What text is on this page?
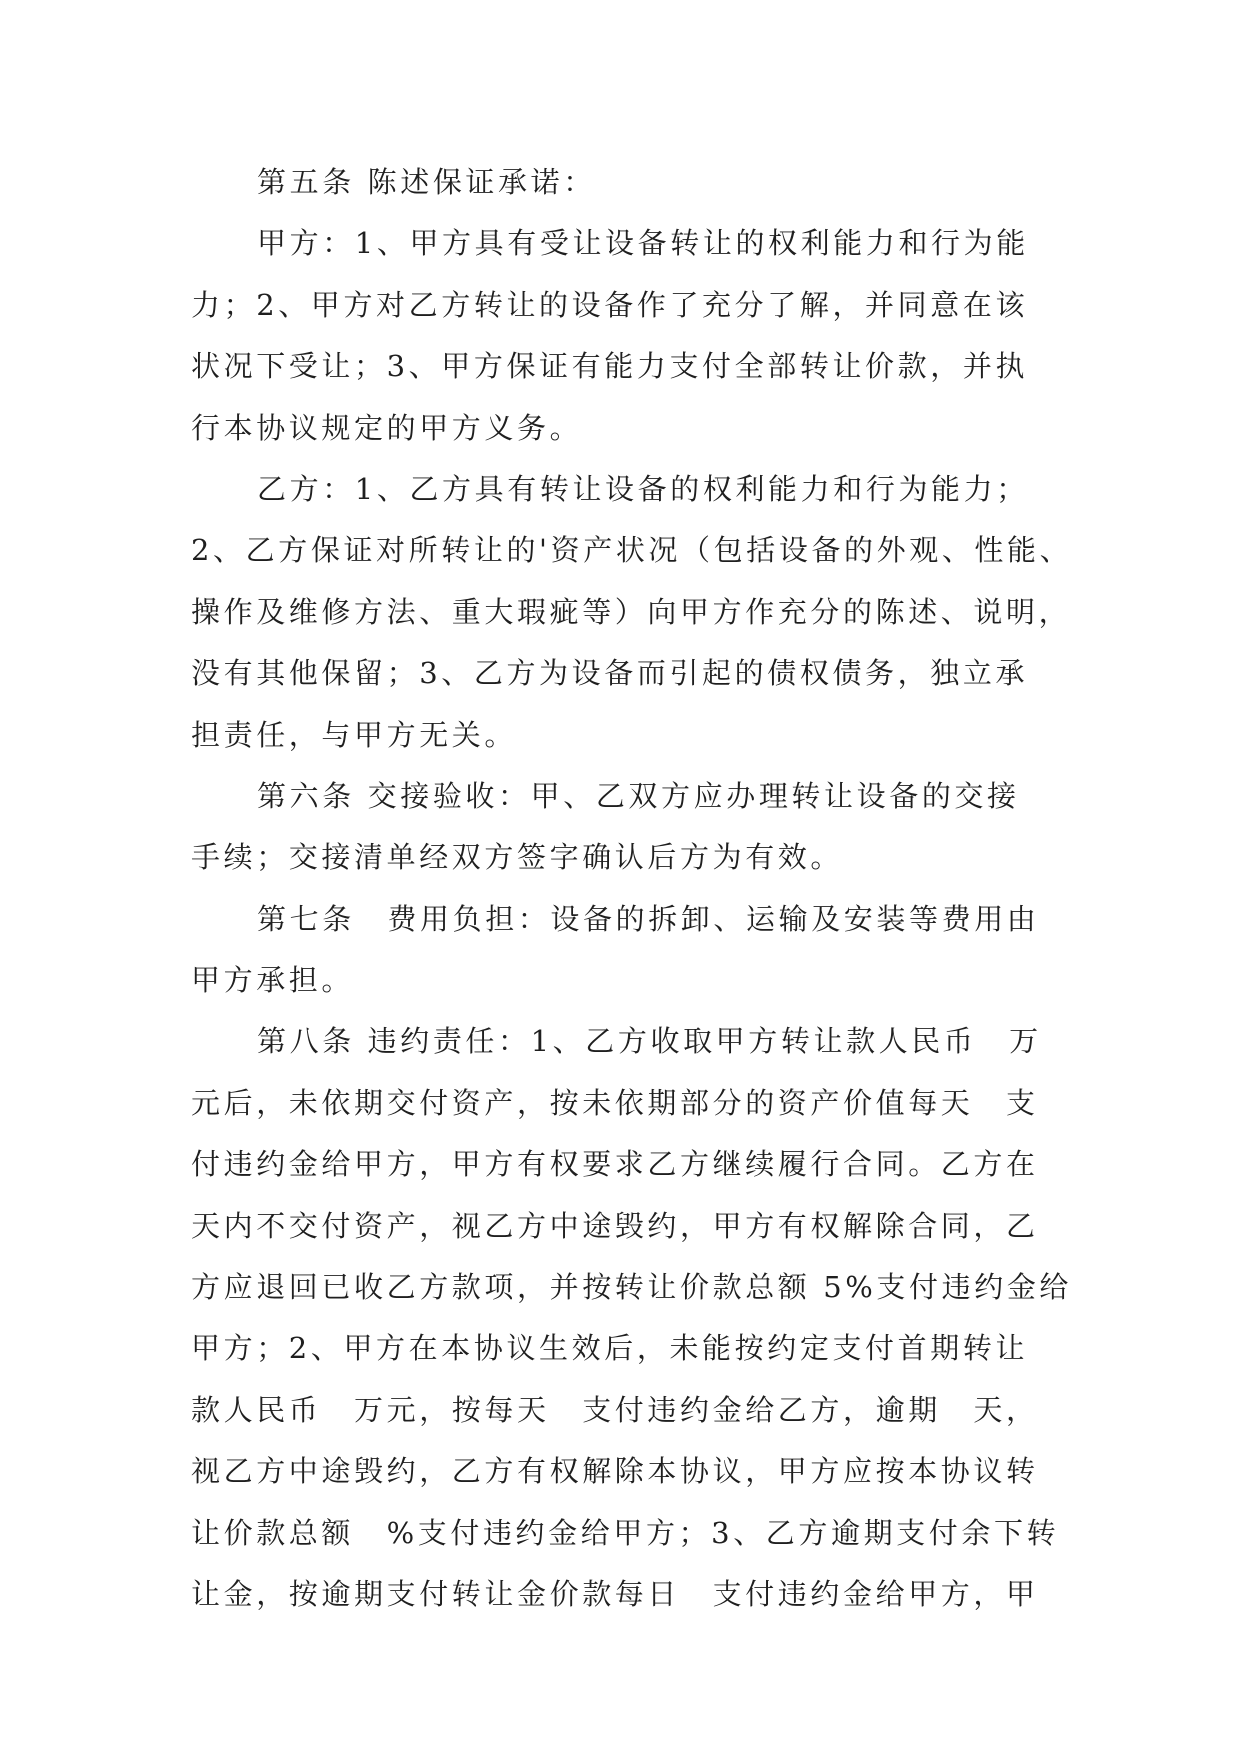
第五条 陈述保证承诺：
甲方：1、甲方具有受让设备转让的权利能力和行为能
力；2、甲方对乙方转让的设备作了充分了解，并同意在该
状况下受让；3、甲方保证有能力支付全部转让价款，并执
行本协议规定的甲方义务。
乙方：1、乙方具有转让设备的权利能力和行为能力；
2、乙方保证对所转让的'资产状况（包括设备的外观、性能、
操作及维修方法、重大瑕疵等）向甲方作充分的陈述、说明，
没有其他保留；3、乙方为设备而引起的债权债务，独立承
担责任，与甲方无关。
第六条 交接验收：甲、乙双方应办理转让设备的交接
手续；交接清单经双方签字确认后方为有效。
第七条　费用负担：设备的拆卸、运输及安装等费用由
甲方承担。
第八条 违约责任：1、乙方收取甲方转让款人民币　万
元后，未依期交付资产，按未依期部分的资产价值每天　支
付违约金给甲方，甲方有权要求乙方继续履行合同。乙方在
天内不交付资产，视乙方中途毁约，甲方有权解除合同，乙
方应退回已收乙方款项，并按转让价款总额 5%支付违约金给
甲方；2、甲方在本协议生效后，未能按约定支付首期转让
款人民币　万元，按每天　支付违约金给乙方，逾期　天，
视乙方中途毁约，乙方有权解除本协议，甲方应按本协议转
让价款总额　%支付违约金给甲方；3、乙方逾期支付余下转
让金，按逾期支付转让金价款每日　支付违约金给甲方，甲
